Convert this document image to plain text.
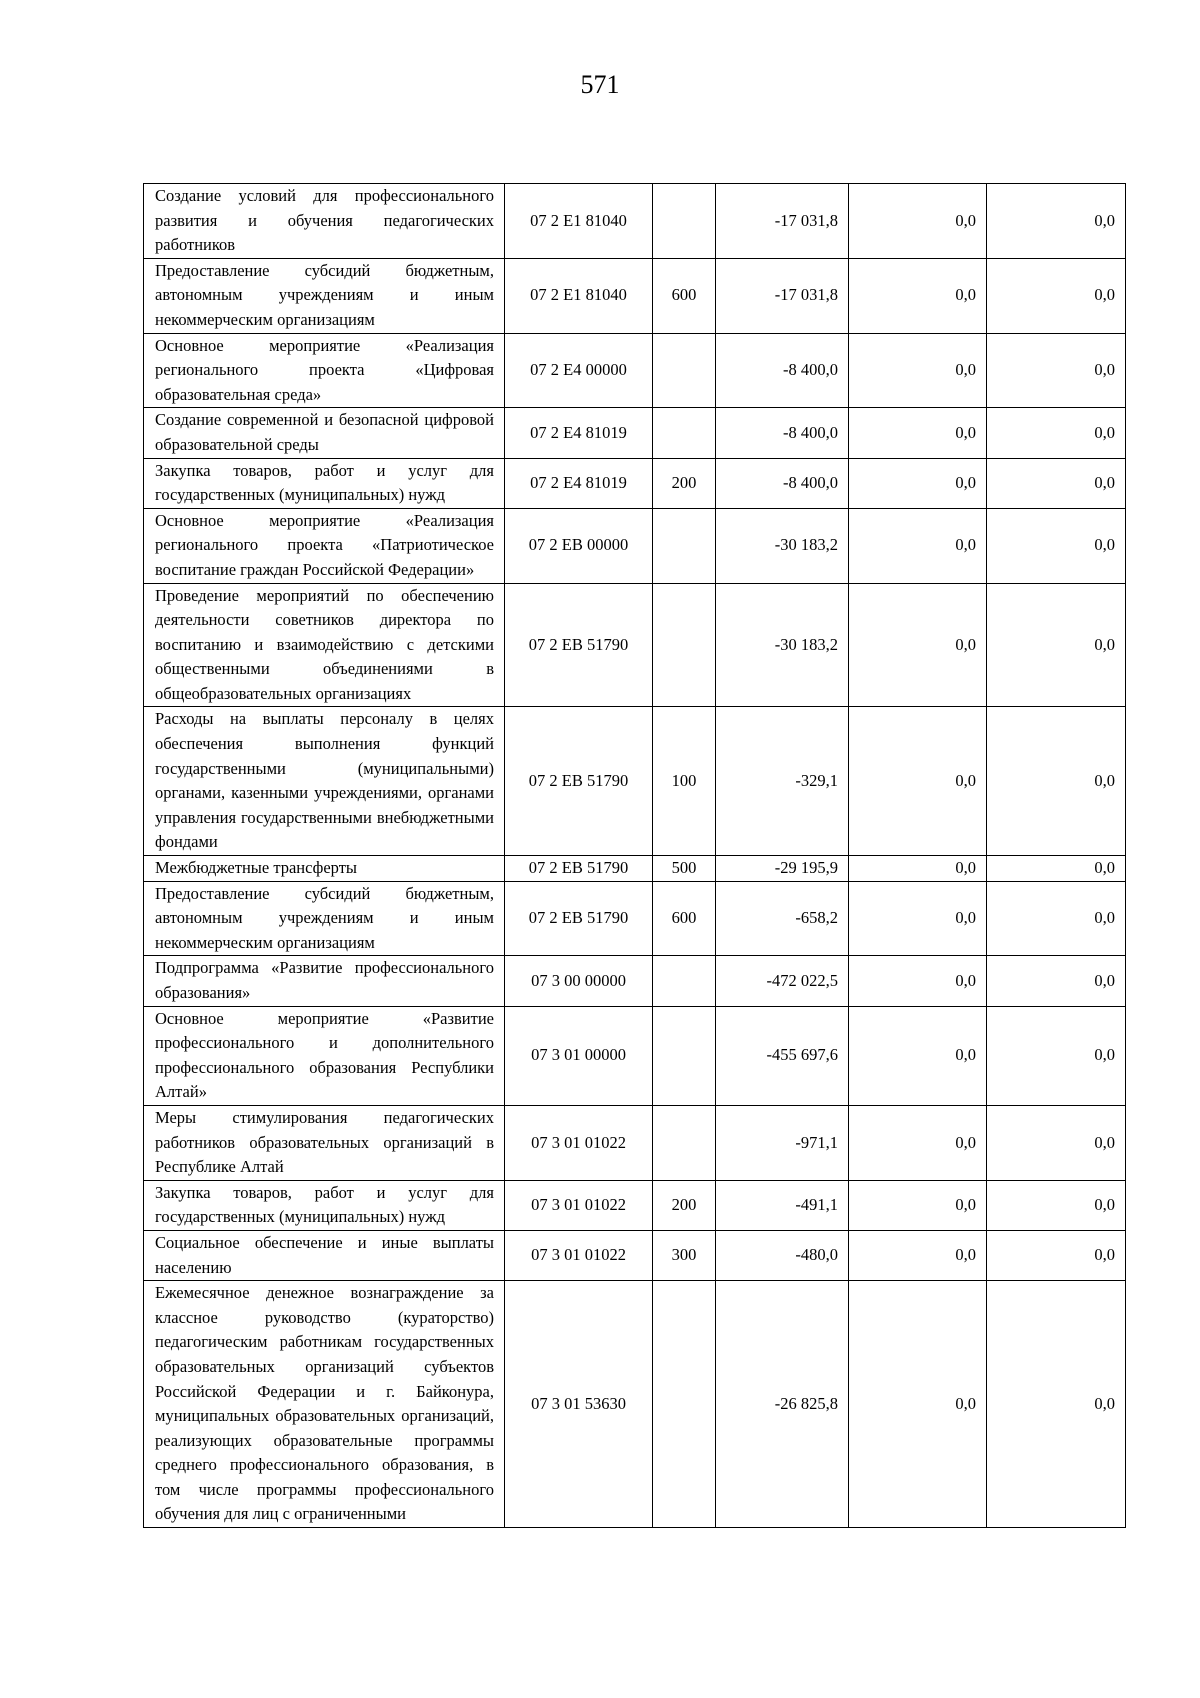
571
Создание условий для профессионального развития и обучения педагогических работников	07 2 E1 81040		-17 031,8	0,0	0,0
Предоставление субсидий бюджетным, автономным учреждениям и иным некоммерческим организациям	07 2 E1 81040	600	-17 031,8	0,0	0,0
Основное мероприятие «Реализация регионального проекта «Цифровая образовательная среда»	07 2 E4 00000		-8 400,0	0,0	0,0
Создание современной и безопасной цифровой образовательной среды	07 2 E4 81019		-8 400,0	0,0	0,0
Закупка товаров, работ и услуг для государственных (муниципальных) нужд	07 2 E4 81019	200	-8 400,0	0,0	0,0
Основное мероприятие «Реализация регионального проекта «Патриотическое воспитание граждан Российской Федерации»	07 2 EB 00000		-30 183,2	0,0	0,0
Проведение мероприятий по обеспечению деятельности советников директора по воспитанию и взаимодействию с детскими общественными объединениями в общеобразовательных организациях	07 2 EB 51790		-30 183,2	0,0	0,0
Расходы на выплаты персоналу в целях обеспечения выполнения функций государственными (муниципальными) органами, казенными учреждениями, органами управления государственными внебюджетными фондами	07 2 EB 51790	100	-329,1	0,0	0,0
Межбюджетные трансферты	07 2 EB 51790	500	-29 195,9	0,0	0,0
Предоставление субсидий бюджетным, автономным учреждениям и иным некоммерческим организациям	07 2 EB 51790	600	-658,2	0,0	0,0
Подпрограмма «Развитие профессионального образования»	07 3 00 00000		-472 022,5	0,0	0,0
Основное мероприятие «Развитие профессионального и дополнительного профессионального образования Республики Алтай»	07 3 01 00000		-455 697,6	0,0	0,0
Меры стимулирования педагогических работников образовательных организаций в Республике Алтай	07 3 01 01022		-971,1	0,0	0,0
Закупка товаров, работ и услуг для государственных (муниципальных) нужд	07 3 01 01022	200	-491,1	0,0	0,0
Социальное обеспечение и иные выплаты населению	07 3 01 01022	300	-480,0	0,0	0,0
Ежемесячное денежное вознаграждение за классное руководство (кураторство) педагогическим работникам государственных образовательных организаций субъектов Российской Федерации и г. Байконура, муниципальных образовательных организаций, реализующих образовательные программы среднего профессионального образования, в том числе программы профессионального обучения для лиц с ограниченными	07 3 01 53630		-26 825,8	0,0	0,0
